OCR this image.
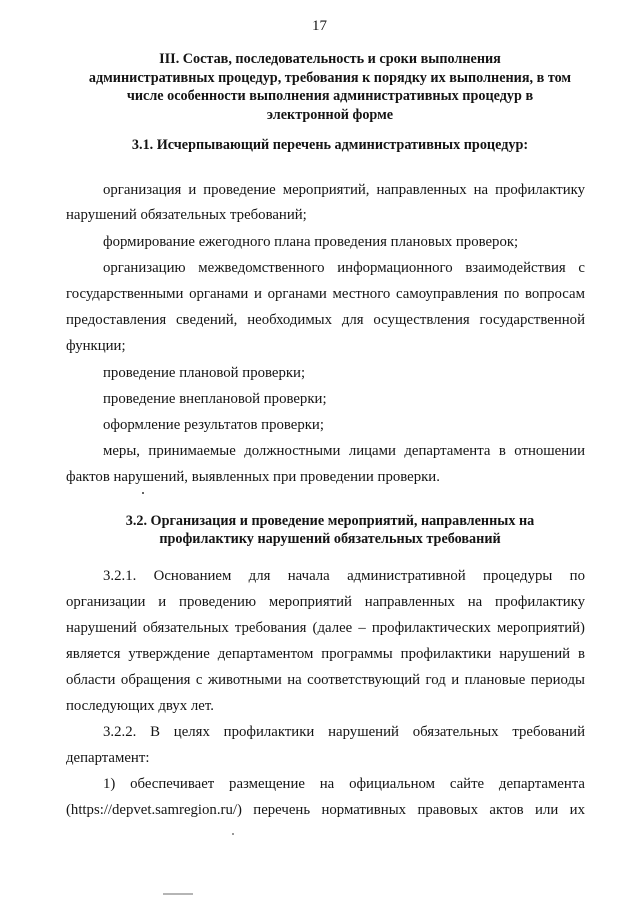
17
III. Состав, последовательность и сроки выполнения
административных процедур, требования к порядку их выполнения, в том
числе особенности выполнения административных процедур в
электронной форме
3.1. Исчерпывающий перечень административных процедур:
организация и проведение мероприятий, направленных на профилактику
нарушений обязательных требований;
формирование ежегодного плана проведения плановых проверок;
организацию межведомственного информационного взаимодействия с
государственными органами и органами местного самоуправления по вопросам
предоставления сведений, необходимых для осуществления государственной
функции;
проведение плановой проверки;
проведение внеплановой проверки;
оформление результатов проверки;
меры, принимаемые должностными лицами департамента в отношении
фактов нарушений, выявленных при проведении проверки.
3.2. Организация и проведение мероприятий, направленных на
профилактику нарушений обязательных требований
3.2.1. Основанием для начала административной процедуры по
организации и проведению мероприятий направленных на профилактику
нарушений обязательных требования (далее – профилактических мероприятий)
является утверждение департаментом программы профилактики нарушений в
области обращения с животными на соответствующий год и плановые периоды
последующих двух лет.
3.2.2. В целях профилактики нарушений обязательных требований
департамент:
1) обеспечивает размещение на официальном сайте департамента
(https://depvet.samregion.ru/) перечень нормативных правовых актов или их
